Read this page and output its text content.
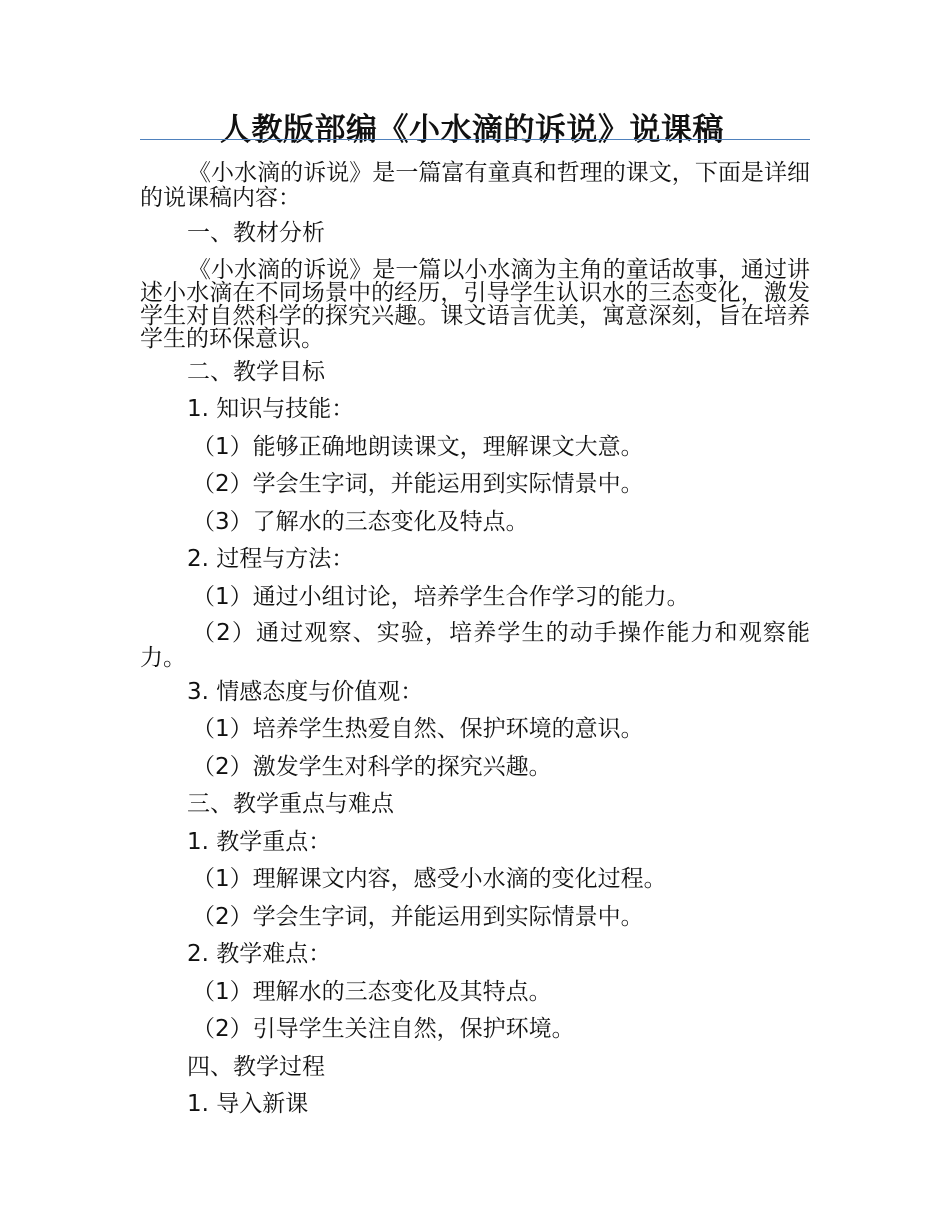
人教版部编《小水滴的诉说》说课稿

《小水滴的诉说》是一篇富有童真和哲理的课文，下面是详细的说课稿内容：

一、教材分析

《小水滴的诉说》是一篇以小水滴为主角的童话故事，通过讲述小水滴在不同场景中的经历，引导学生认识水的三态变化，激发学生对自然科学的探究兴趣。课文语言优美，寓意深刻，旨在培养学生的环保意识。

二、教学目标
1. 知识与技能：
（1）能够正确地朗读课文，理解课文大意。
（2）学会生字词，并能运用到实际情景中。
（3）了解水的三态变化及特点。
2. 过程与方法：
（1）通过小组讨论，培养学生合作学习的能力。

（2）通过观察、实验，培养学生的动手操作能力和观察能力。

3. 情感态度与价值观：
（1）培养学生热爱自然、保护环境的意识。
（2）激发学生对科学的探究兴趣。
三、教学重点与难点
1. 教学重点：
（1）理解课文内容，感受小水滴的变化过程。
（2）学会生字词，并能运用到实际情景中。
2. 教学难点：
（1）理解水的三态变化及其特点。
（2）引导学生关注自然，保护环境。
四、教学过程
1. 导入新课
